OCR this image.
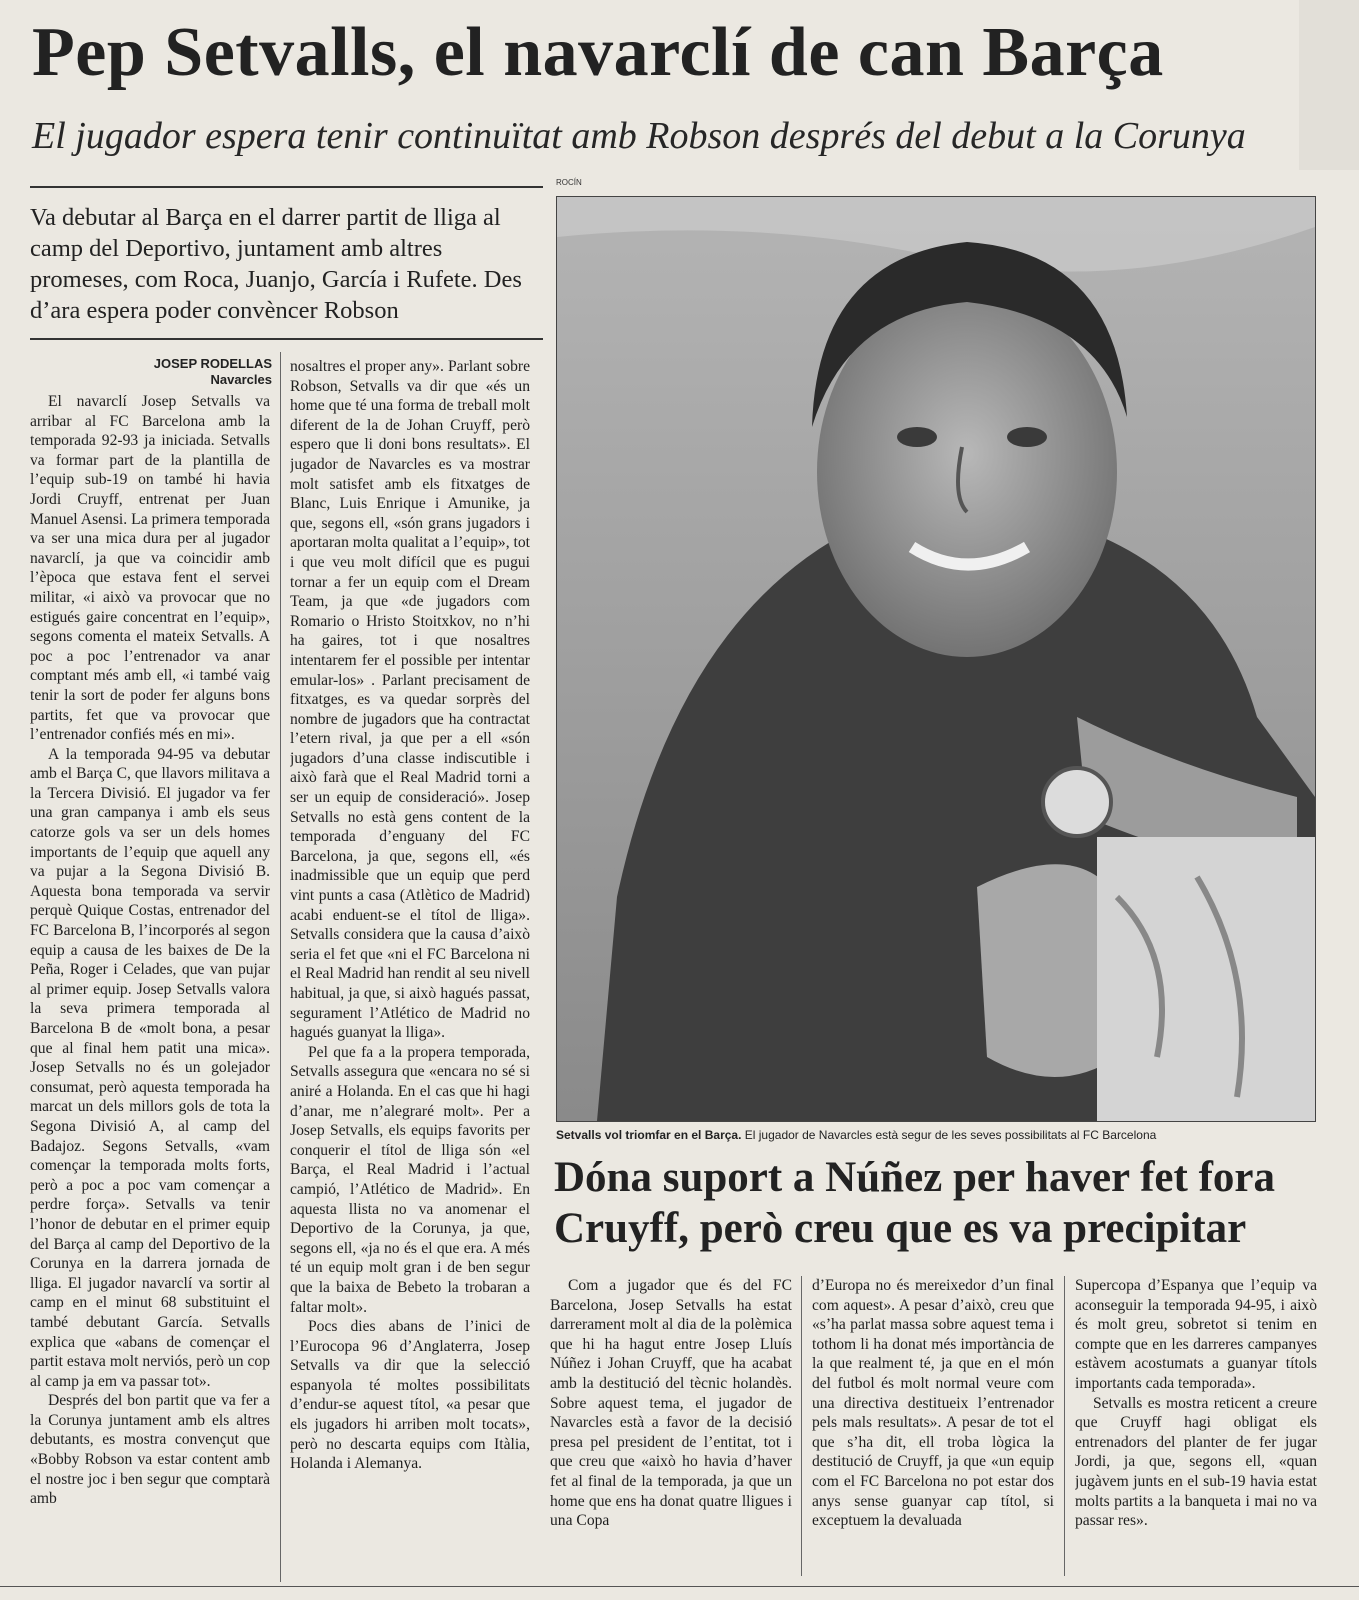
Pep Setvalls, el navarclí de can Barça
El jugador espera tenir continuïtat amb Robson després del debut a la Corunya
Va debutar al Barça en el darrer partit de lliga al camp del Deportivo, juntament amb altres promeses, com Roca, Juanjo, García i Rufete. Des d’ara espera poder convèncer Robson
JOSEP RODELLAS
Navarcles

El navarclí Josep Setvalls va arribar al FC Barcelona amb la temporada 92-93 ja iniciada. Setvalls va formar part de la plantilla de l’equip sub-19 on també hi havia Jordi Cruyff, entrenat per Juan Manuel Asensi. La primera temporada va ser una mica dura per al jugador navarclí, ja que va coincidir amb l’època que estava fent el servei militar, «i això va provocar que no estigués gaire concentrat en l’equip», segons comenta el mateix Setvalls. A poc a poc l’entrenador va anar comptant més amb ell, «i també vaig tenir la sort de poder fer alguns bons partits, fet que va provocar que l’entrenador confiés més en mi».

A la temporada 94-95 va debutar amb el Barça C, que llavors militava a la Tercera Divisió. El jugador va fer una gran campanya i amb els seus catorze gols va ser un dels homes importants de l’equip que aquell any va pujar a la Segona Divisió B. Aquesta bona temporada va servir perquè Quique Costas, entrenador del FC Barcelona B, l’incorporés al segon equip a causa de les baixes de De la Peña, Roger i Celades, que van pujar al primer equip. Josep Setvalls valora la seva primera temporada al Barcelona B de «molt bona, a pesar que al final hem patit una mica». Josep Setvalls no és un golejador consumat, però aquesta temporada ha marcat un dels millors gols de tota la Segona Divisió A, al camp del Badajoz. Segons Setvalls, «vam començar la temporada molts forts, però a poc a poc vam començar a perdre força». Setvalls va tenir l’honor de debutar en el primer equip del Barça al camp del Deportivo de la Corunya en la darrera jornada de lliga. El jugador navarclí va sortir al camp en el minut 68 substituint el també debutant García. Setvalls explica que «abans de començar el partit estava molt nerviós, però un cop al camp ja em va passar tot».

Després del bon partit que va fer a la Corunya juntament amb els altres debutants, es mostra convençut que «Bobby Robson va estar content amb el nostre joc i ben segur que comptarà amb

nosaltres el proper any». Parlant sobre Robson, Setvalls va dir que «és un home que té una forma de treball molt diferent de la de Johan Cruyff, però espero que li doni bons resultats». El jugador de Navarcles es va mostrar molt satisfet amb els fitxatges de Blanc, Luis Enrique i Amunike, ja que, segons ell, «són grans jugadors i aportaran molta qualitat a l’equip», tot i que veu molt difícil que es pugui tornar a fer un equip com el Dream Team, ja que «de jugadors com Romario o Hristo Stoitxkov, no n’hi ha gaires, tot i que nosaltres intentarem fer el possible per intentar emular-los» . Parlant precisament de fitxatges, es va quedar sorprès del nombre de jugadors que ha contractat l’etern rival, ja que per a ell «són jugadors d’una classe indiscutible i això farà que el Real Madrid torni a ser un equip de consideració». Josep Setvalls no està gens content de la temporada d’enguany del FC Barcelona, ja que, segons ell, «és inadmissible que un equip que perd vint punts a casa (Atlètico de Madrid) acabi enduent-se el títol de lliga». Setvalls considera que la causa d’això seria el fet que «ni el FC Barcelona ni el Real Madrid han rendit al seu nivell habitual, ja que, si això hagués passat, segurament l’Atlético de Madrid no hagués guanyat la lliga».

Pel que fa a la propera temporada, Setvalls assegura que «encara no sé si aniré a Holanda. En el cas que hi hagi d’anar, me n’alegraré molt». Per a Josep Setvalls, els equips favorits per conquerir el títol de lliga són «el Barça, el Real Madrid i l’actual campió, l’Atlético de Madrid». En aquesta llista no va anomenar el Deportivo de la Corunya, ja que, segons ell, «ja no és el que era. A més té un equip molt gran i de ben segur que la baixa de Bebeto la trobaran a faltar molt».

Pocs dies abans de l’inici de l’Eurocopa 96 d’Anglaterra, Josep Setvalls va dir que la selecció espanyola té moltes possibilitats d’endur-se aquest títol, «a pesar que els jugadors hi arriben molt tocats», però no descarta equips com Itàlia, Holanda i Alemanya.

ROCÍN
Setvalls vol triomfar en el Barça. El jugador de Navarcles està segur de les seves possibilitats al FC Barcelona
Dóna suport a Núñez per haver fet fora Cruyff, però creu que es va precipitar

Com a jugador que és del FC Barcelona, Josep Setvalls ha estat darrerament molt al dia de la polèmica que hi ha hagut entre Josep Lluís Núñez i Johan Cruyff, que ha acabat amb la destitució del tècnic holandès. Sobre aquest tema, el jugador de Navarcles està a favor de la decisió presa pel president de l’entitat, tot i que creu que «això ho havia d’haver fet al final de la temporada, ja que un home que ens ha donat quatre lligues i una Copa

d’Europa no és mereixedor d’un final com aquest». A pesar d’això, creu que «s’ha parlat massa sobre aquest tema i tothom li ha donat més importància de la que realment té, ja que en el món del futbol és molt normal veure com una directiva destitueix l’entrenador pels mals resultats». A pesar de tot el que s’ha dit, ell troba lògica la destitució de Cruyff, ja que «un equip com el FC Barcelona no pot estar dos anys sense guanyar cap títol, si exceptuem la devaluada

Supercopa d’Espanya que l’equip va aconseguir la temporada 94-95, i això és molt greu, sobretot si tenim en compte que en les darreres campanyes estàvem acostumats a guanyar títols importants cada temporada».

Setvalls es mostra reticent a creure que Cruyff hagi obligat els entrenadors del planter de fer jugar Jordi, ja que, segons ell, «quan jugàvem junts en el sub-19 havia estat molts partits a la banqueta i mai no va passar res».
